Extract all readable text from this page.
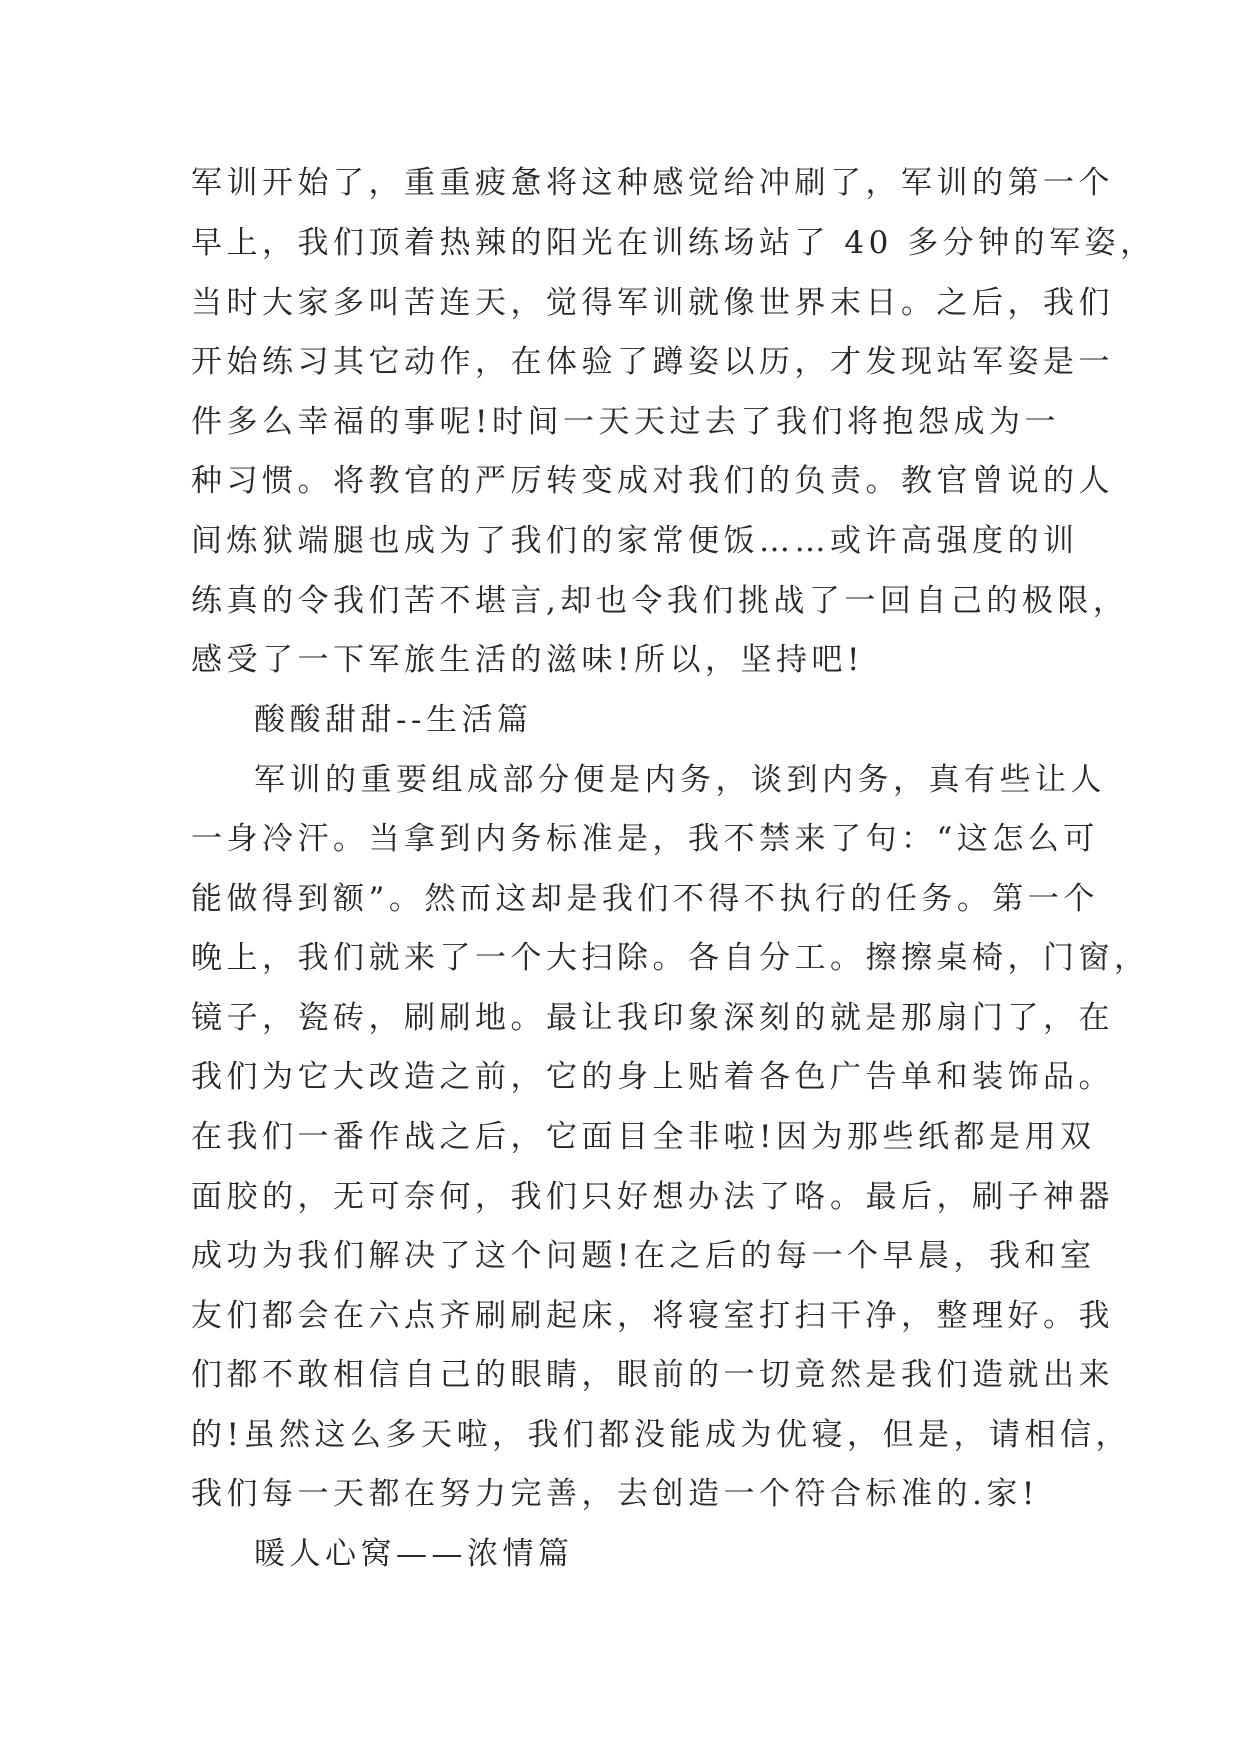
军训开始了，重重疲惫将这种感觉给冲刷了，军训的第一个
早上，我们顶着热辣的阳光在训练场站了 40 多分钟的军姿，
当时大家多叫苦连天，觉得军训就像世界末日。之后，我们
开始练习其它动作，在体验了蹲姿以历，才发现站军姿是一
件多么幸福的事呢!时间一天天过去了我们将抱怨成为一
种习惯。将教官的严厉转变成对我们的负责。教官曾说的人
间炼狱端腿也成为了我们的家常便饭……或许高强度的训
练真的令我们苦不堪言,却也令我们挑战了一回自己的极限，
感受了一下军旅生活的滋味!所以，坚持吧!
酸酸甜甜--生活篇
军训的重要组成部分便是内务，谈到内务，真有些让人
一身冷汗。当拿到内务标准是，我不禁来了句：“这怎么可
能做得到额”。然而这却是我们不得不执行的任务。第一个
晚上，我们就来了一个大扫除。各自分工。擦擦桌椅，门窗，
镜子，瓷砖，刷刷地。最让我印象深刻的就是那扇门了，在
我们为它大改造之前，它的身上贴着各色广告单和装饰品。
在我们一番作战之后，它面目全非啦!因为那些纸都是用双
面胶的，无可奈何，我们只好想办法了咯。最后，刷子神器
成功为我们解决了这个问题!在之后的每一个早晨，我和室
友们都会在六点齐刷刷起床，将寝室打扫干净，整理好。我
们都不敢相信自己的眼睛，眼前的一切竟然是我们造就出来
的!虽然这么多天啦，我们都没能成为优寝，但是，请相信，
我们每一天都在努力完善，去创造一个符合标准的.家!
暖人心窝——浓情篇
